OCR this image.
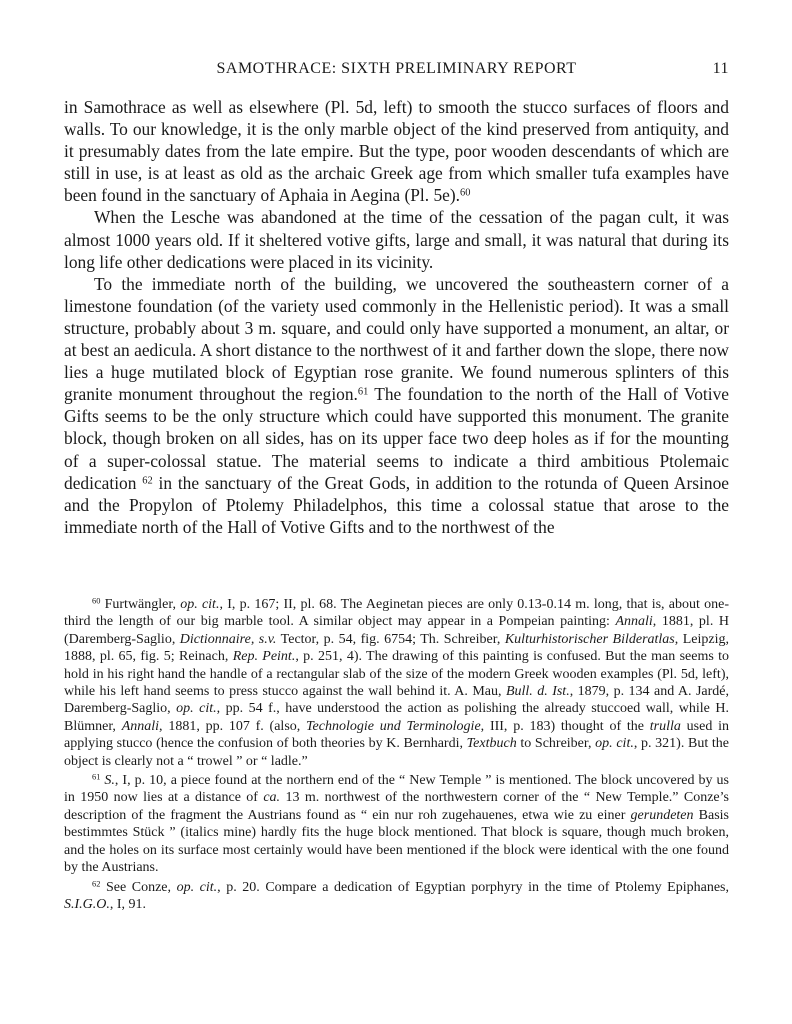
SAMOTHRACE: SIXTH PRELIMINARY REPORT	11

in Samothrace as well as elsewhere (Pl. 5d, left) to smooth the stucco surfaces of floors and walls. To our knowledge, it is the only marble object of the kind preserved from antiquity, and it presumably dates from the late empire. But the type, poor wooden descendants of which are still in use, is at least as old as the archaic Greek age from which smaller tufa examples have been found in the sanctuary of Aphaia in Aegina (Pl. 5e).$^{60}$

When the Lesche was abandoned at the time of the cessation of the pagan cult, it was almost 1000 years old. If it sheltered votive gifts, large and small, it was natural that during its long life other dedications were placed in its vicinity.

To the immediate north of the building, we uncovered the southeastern corner of a limestone foundation (of the variety used commonly in the Hellenistic period). It was a small structure, probably about 3 m. square, and could only have supported a monument, an altar, or at best an aedicula. A short distance to the northwest of it and farther down the slope, there now lies a huge mutilated block of Egyptian rose granite. We found numerous splinters of this granite monument throughout the region.$^{61}$ The foundation to the north of the Hall of Votive Gifts seems to be the only structure which could have supported this monument. The granite block, though broken on all sides, has on its upper face two deep holes as if for the mounting of a super-colossal statue. The material seems to indicate a third ambitious Ptolemaic dedication $^{62}$ in the sanctuary of the Great Gods, in addition to the rotunda of Queen Arsinoe and the Propylon of Ptolemy Philadelphos, this time a colossal statue that arose to the immediate north of the Hall of Votive Gifts and to the northwest of the

$^{60}$ Furtwängler, op. cit., I, p. 167; II, pl. 68. The Aeginetan pieces are only 0.13-0.14 m. long, that is, about one-third the length of our big marble tool. A similar object may appear in a Pompeian painting: Annali, 1881, pl. H (Daremberg-Saglio, Dictionnaire, s.v. Tector, p. 54, fig. 6754; Th. Schreiber, Kulturhistorischer Bilderatlas, Leipzig, 1888, pl. 65, fig. 5; Reinach, Rep. Peint., p. 251, 4). The drawing of this painting is confused. But the man seems to hold in his right hand the handle of a rectangular slab of the size of the modern Greek wooden examples (Pl. 5d, left), while his left hand seems to press stucco against the wall behind it. A. Mau, Bull. d. Ist., 1879, p. 134 and A. Jardé, Daremberg-Saglio, op. cit., pp. 54 f., have understood the action as polishing the already stuccoed wall, while H. Blümner, Annali, 1881, pp. 107 f. (also, Technologie und Terminologie, III, p. 183) thought of the trulla used in applying stucco (hence the confusion of both theories by K. Bernhardi, Textbuch to Schreiber, op. cit., p. 321). But the object is clearly not a “ trowel ” or “ ladle.”

$^{61}$ S., I, p. 10, a piece found at the northern end of the “ New Temple ” is mentioned. The block uncovered by us in 1950 now lies at a distance of ca. 13 m. northwest of the northwestern corner of the “ New Temple.” Conze’s description of the fragment the Austrians found as “ ein nur roh zugehauenes, etwa wie zu einer gerundeten Basis bestimmtes Stück ” (italics mine) hardly fits the huge block mentioned. That block is square, though much broken, and the holes on its surface most certainly would have been mentioned if the block were identical with the one found by the Austrians.

$^{62}$ See Conze, op. cit., p. 20. Compare a dedication of Egyptian porphyry in the time of Ptolemy Epiphanes, S.I.G.O., I, 91.
